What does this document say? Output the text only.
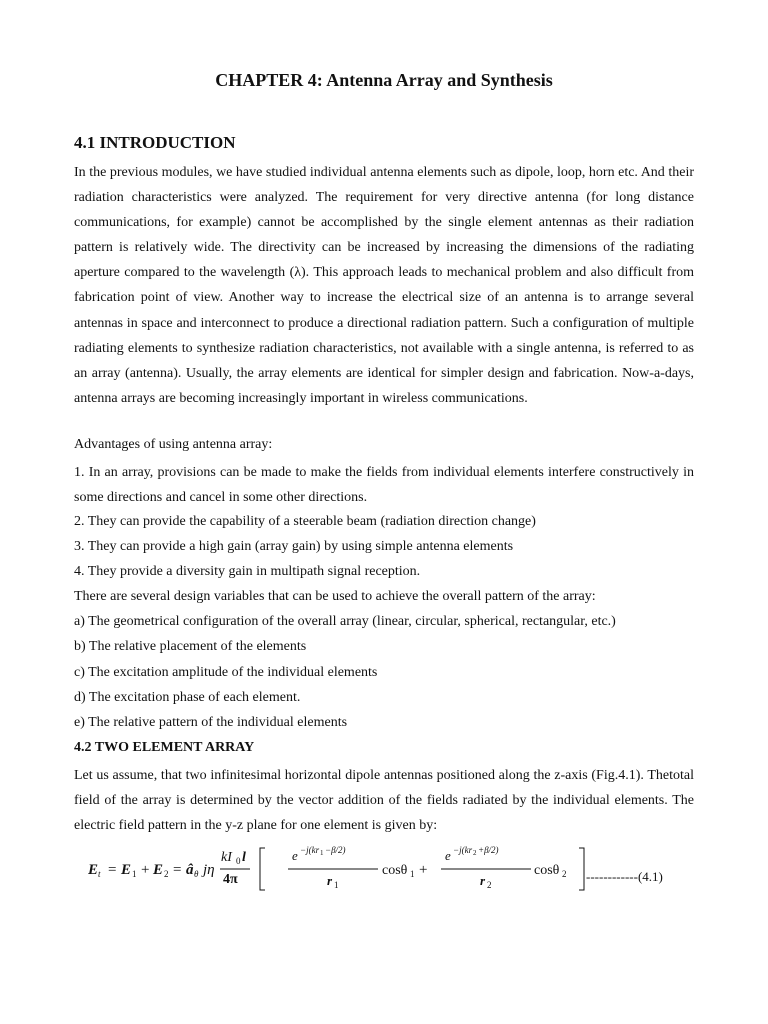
CHAPTER 4: Antenna Array and Synthesis
4.1 INTRODUCTION
In the previous modules, we have studied individual antenna elements such as dipole, loop, horn etc. And their radiation characteristics were analyzed. The requirement for very directive antenna (for long distance communications, for example) cannot be accomplished by the single element antennas as their radiation pattern is relatively wide. The directivity can be increased by increasing the dimensions of the radiating aperture compared to the wavelength (λ). This approach leads to mechanical problem and also difficult from fabrication point of view. Another way to increase the electrical size of an antenna is to arrange several antennas in space and interconnect to produce a directional radiation pattern. Such a configuration of multiple radiating elements to synthesize radiation characteristics, not available with a single antenna, is referred to as an array (antenna). Usually, the array elements are identical for simpler design and fabrication. Now-a-days, antenna arrays are becoming increasingly important in wireless communications.
Advantages of using antenna array:
1. In an array, provisions can be made to make the fields from individual elements interfere constructively in some directions and cancel in some other directions.
2. They can provide the capability of a steerable beam (radiation direction change)
3. They can provide a high gain (array gain) by using simple antenna elements
4. They provide a diversity gain in multipath signal reception.
There are several design variables that can be used to achieve the overall pattern of the array:
a) The geometrical configuration of the overall array (linear, circular, spherical, rectangular, etc.)
b) The relative placement of the elements
c) The excitation amplitude of the individual elements
d) The excitation phase of each element.
e) The relative pattern of the individual elements
4.2 TWO ELEMENT ARRAY
Let us assume, that two infinitesimal horizontal dipole antennas positioned along the z-axis (Fig.4.1). Thetotal field of the array is determined by the vector addition of the fields radiated by the individual elements. The electric field pattern in the y-z plane for one element is given by:
E t = E 1 + E 2 = â θ jη
kI 0 l
4π
e −j(kr 1 −β/2)
r 1
cosθ 1 +
e −j(kr 2 +β/2)
r 2
cosθ 2 ------------(4.1)
